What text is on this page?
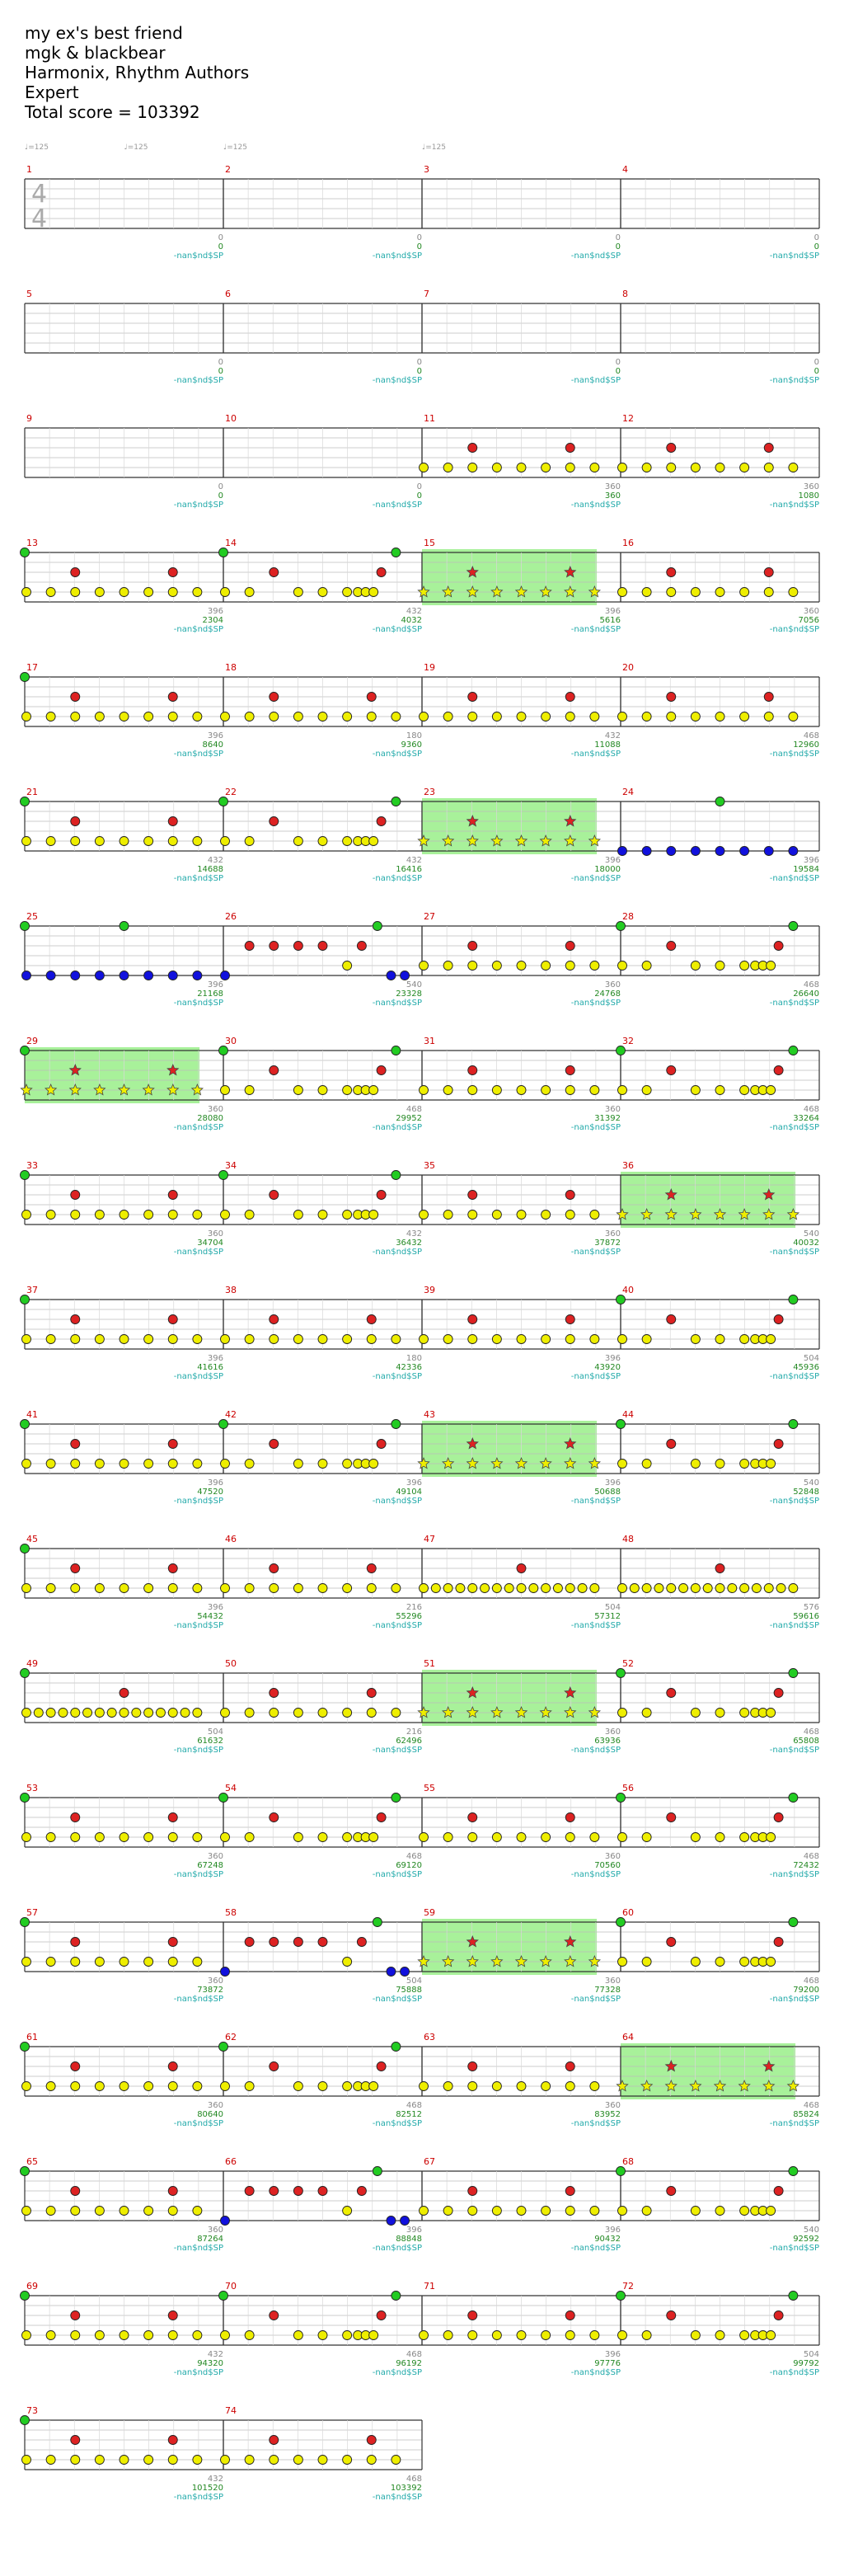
my ex's best friend
mgk & blackbear
Harmonix, Rhythm Authors
Expert
Total score = 103392
♩=125	♩=125	♩=125	♩=125
4
4
1
0
0
-nan$nd$SP
2
0
0
-nan$nd$SP
3
0
0
-nan$nd$SP
4
0
0
-nan$nd$SP
5
0
0
-nan$nd$SP
6
0
0
-nan$nd$SP
7
0
0
-nan$nd$SP
8
0
0
-nan$nd$SP
9
0
0
-nan$nd$SP
10
0
0
-nan$nd$SP
11
360
360
-nan$nd$SP
12
360
1080
-nan$nd$SP
13
396
2304
-nan$nd$SP
14
432
4032
-nan$nd$SP
15
396
5616
-nan$nd$SP
16
360
7056
-nan$nd$SP
17
396
8640
-nan$nd$SP
18
180
9360
-nan$nd$SP
19
432
11088
-nan$nd$SP
20
468
12960
-nan$nd$SP
21
432
14688
-nan$nd$SP
22
432
16416
-nan$nd$SP
23
396
18000
-nan$nd$SP
24
396
19584
-nan$nd$SP
25
396
21168
-nan$nd$SP
26
540
23328
-nan$nd$SP
27
360
24768
-nan$nd$SP
28
468
26640
-nan$nd$SP
29
360
28080
-nan$nd$SP
30
468
29952
-nan$nd$SP
31
360
31392
-nan$nd$SP
32
468
33264
-nan$nd$SP
33
360
34704
-nan$nd$SP
34
432
36432
-nan$nd$SP
35
360
37872
-nan$nd$SP
36
540
40032
-nan$nd$SP
37
396
41616
-nan$nd$SP
38
180
42336
-nan$nd$SP
39
396
43920
-nan$nd$SP
40
504
45936
-nan$nd$SP
41
396
47520
-nan$nd$SP
42
396
49104
-nan$nd$SP
43
396
50688
-nan$nd$SP
44
540
52848
-nan$nd$SP
45
396
54432
-nan$nd$SP
46
216
55296
-nan$nd$SP
47
504
57312
-nan$nd$SP
48
576
59616
-nan$nd$SP
49
504
61632
-nan$nd$SP
50
216
62496
-nan$nd$SP
51
360
63936
-nan$nd$SP
52
468
65808
-nan$nd$SP
53
360
67248
-nan$nd$SP
54
468
69120
-nan$nd$SP
55
360
70560
-nan$nd$SP
56
468
72432
-nan$nd$SP
57
360
73872
-nan$nd$SP
58
504
75888
-nan$nd$SP
59
360
77328
-nan$nd$SP
60
468
79200
-nan$nd$SP
61
360
80640
-nan$nd$SP
62
468
82512
-nan$nd$SP
63
360
83952
-nan$nd$SP
64
468
85824
-nan$nd$SP
65
360
87264
-nan$nd$SP
66
396
88848
-nan$nd$SP
67
396
90432
-nan$nd$SP
68
540
92592
-nan$nd$SP
69
432
94320
-nan$nd$SP
70
468
96192
-nan$nd$SP
71
396
97776
-nan$nd$SP
72
504
99792
-nan$nd$SP
73
432
101520
-nan$nd$SP
74
468
103392
-nan$nd$SP
